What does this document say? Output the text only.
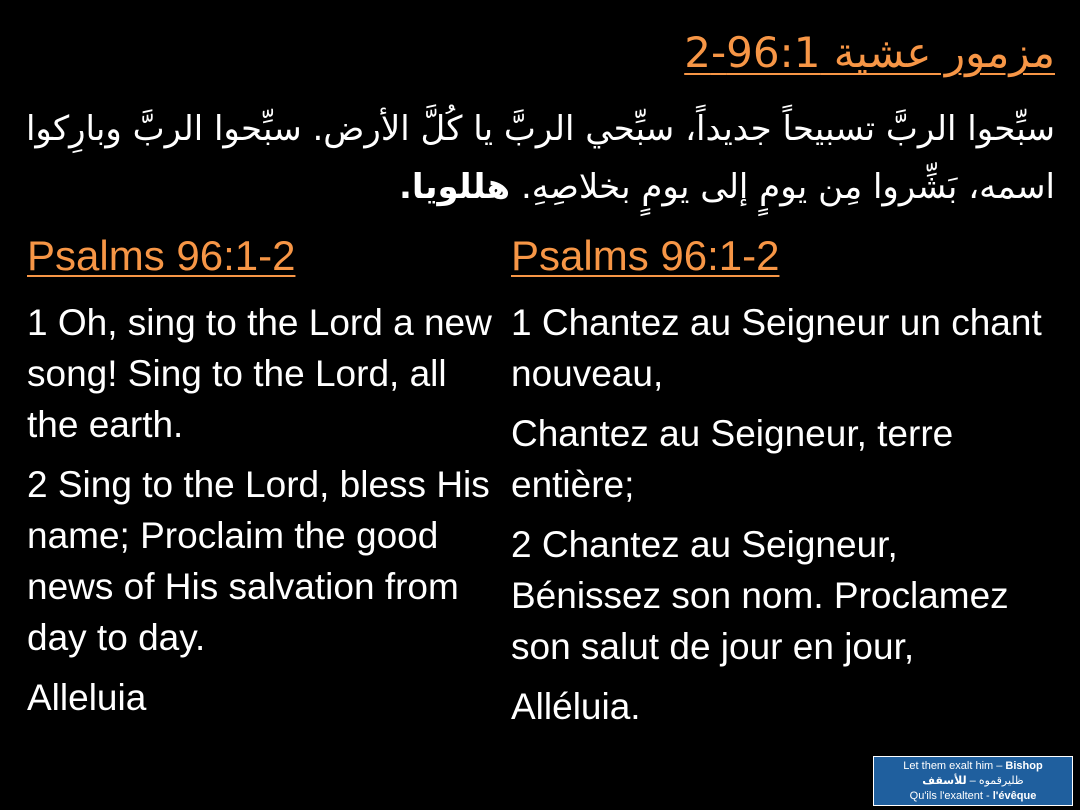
مزمور عشية 96:1-2
سبِّحوا الربَّ تسبيحاً جديداً، سبِّحي الربَّ يا كُلَّ الأرض. سبِّحوا الربَّ وبارِكوا اسمه، بَشِّروا مِن يومٍ إلى يومٍ بخلاصِهِ. هللويا.
Psalms 96:1-2

1 Oh, sing to the Lord a new song! Sing to the Lord, all the earth.

2 Sing to the Lord, bless His name; Proclaim the good news of His salvation from day to day.

Alleluia

Psalms 96:1-2

1 Chantez au Seigneur un chant nouveau,

Chantez au Seigneur, terre entière;

2 Chantez au Seigneur, Bénissez son nom. Proclamez son salut de jour en jour,

Alléluia.

Let them exalt him – Bishop
ظليرقموه – للأسقف
Qu'ils l'exaltent - l'évêque
